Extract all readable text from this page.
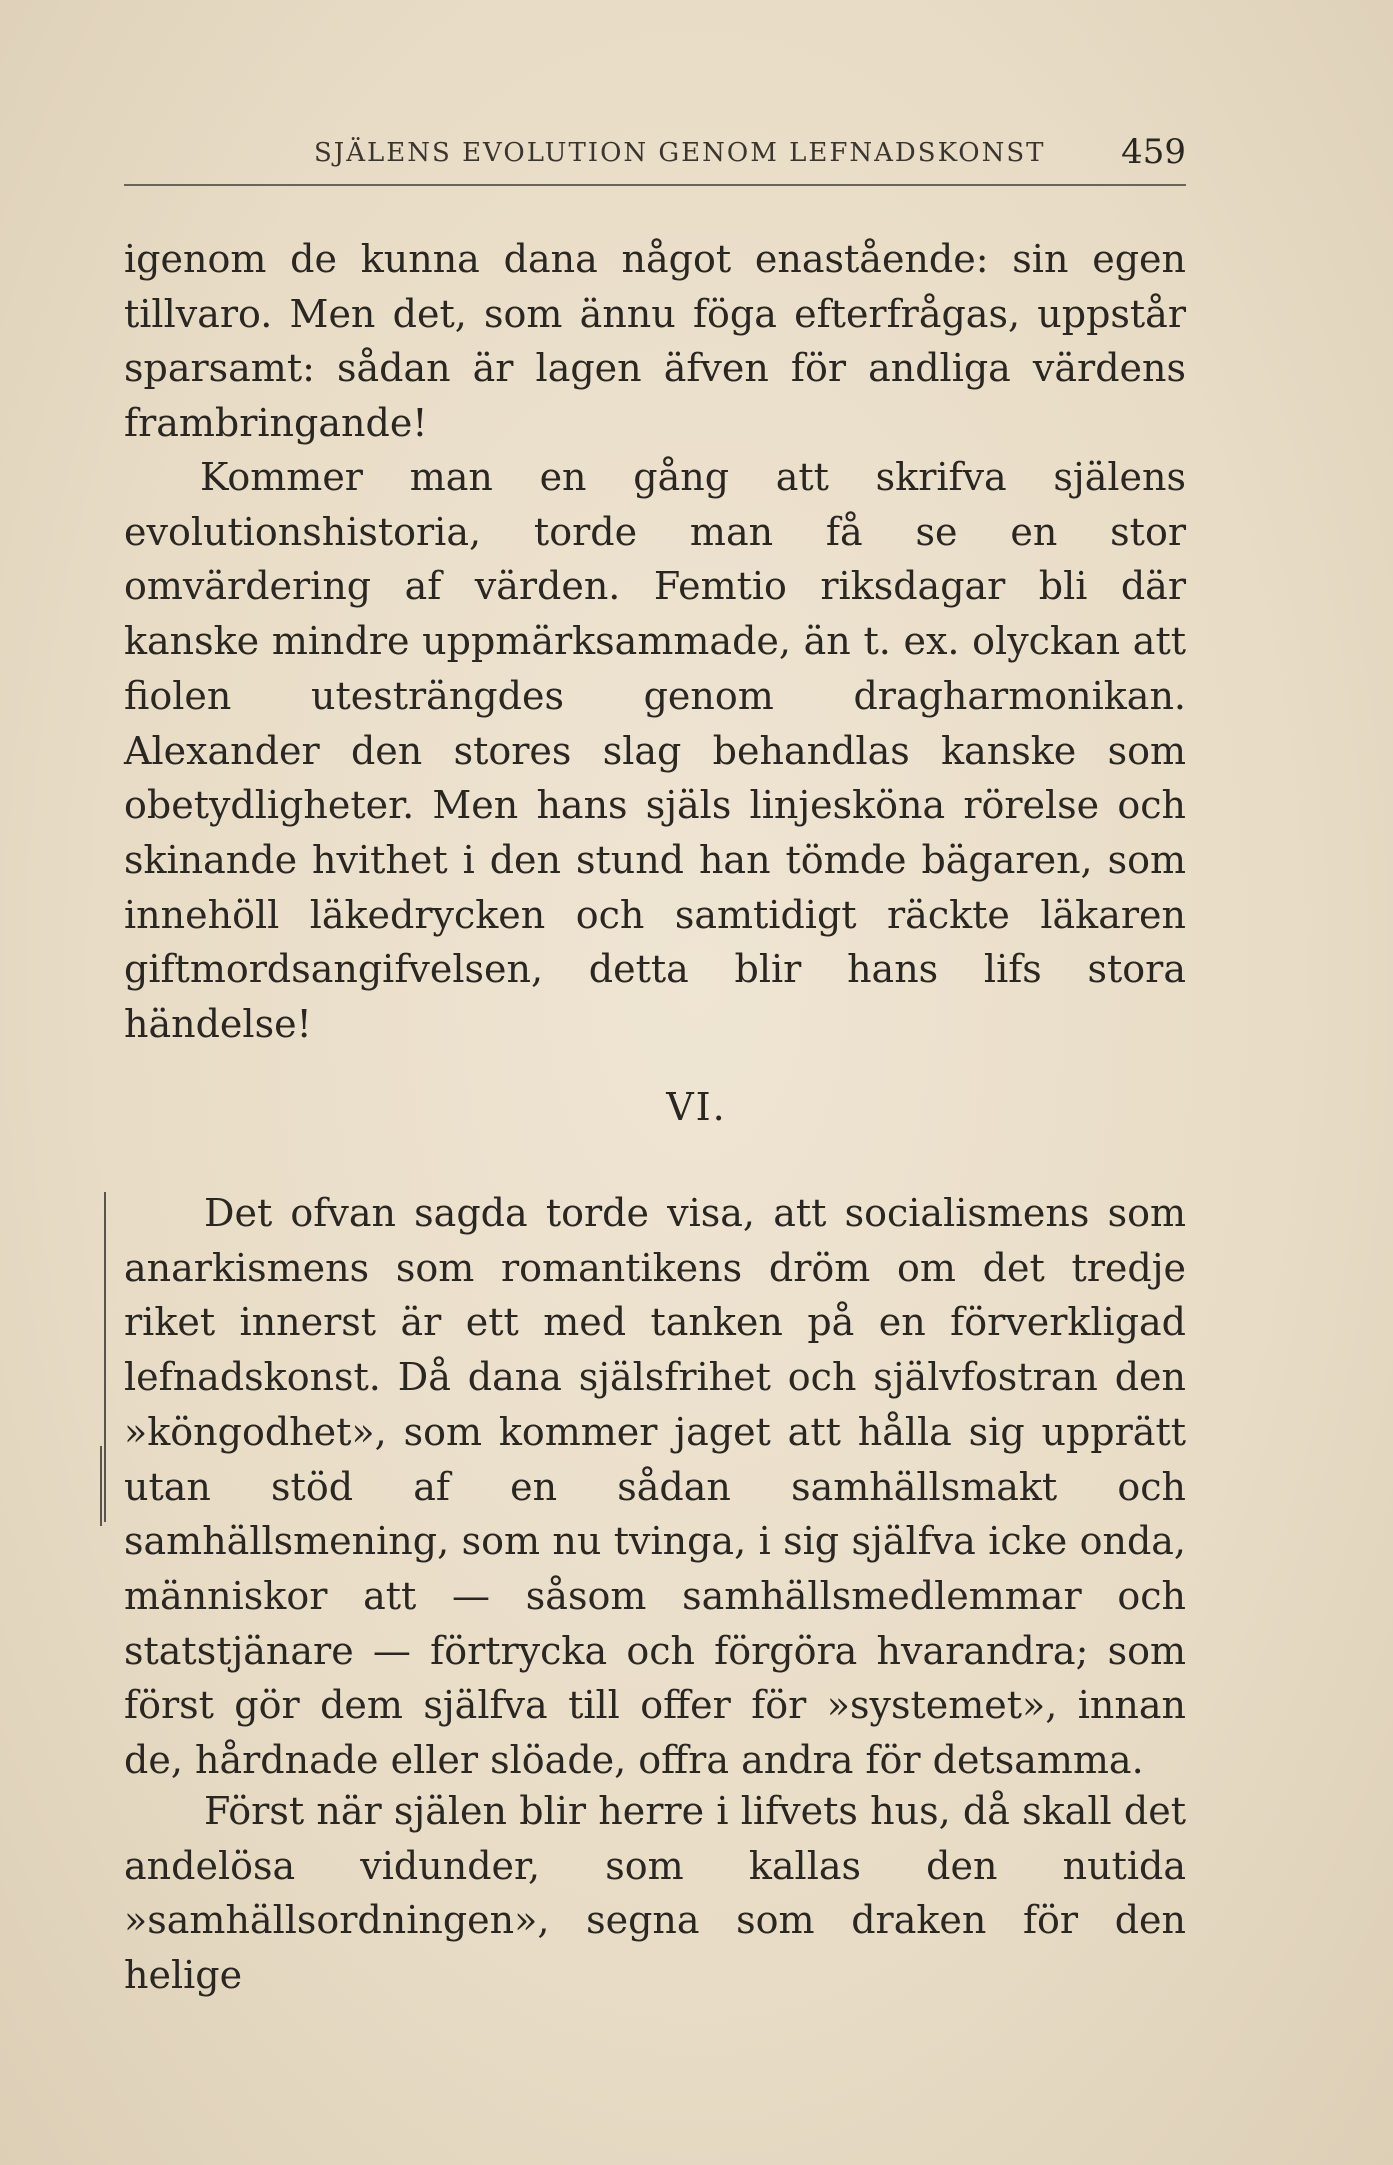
SJÄLENS EVOLUTION GENOM LEFNADSKONST 459

igenom de kunna dana något enastående: sin egen tillvaro. Men det, som ännu föga efterfrågas, uppstår sparsamt: sådan är lagen äfven för andliga värdens frambringande!

Kommer man en gång att skrifva själens evolutionshistoria, torde man få se en stor omvärdering af värden. Femtio riksdagar bli där kanske mindre uppmärksammade, än t. ex. olyckan att fiolen utesträngdes genom dragharmonikan. Alexander den stores slag behandlas kanske som obetydligheter. Men hans själs linjesköna rörelse och skinande hvithet i den stund han tömde bägaren, som innehöll läkedrycken och samtidigt räckte läkaren giftmordsangifvelsen, detta blir hans lifs stora händelse!

VI.

Det ofvan sagda torde visa, att socialismens som anarkismens som romantikens dröm om det tredje riket innerst är ett med tanken på en förverkligad lefnadskonst. Då dana själsfrihet och självfostran den »köngodhet», som kommer jaget att hålla sig upprätt utan stöd af en sådan samhällsmakt och samhällsmening, som nu tvinga, i sig själfva icke onda, människor att — såsom samhällsmedlemmar och statstjänare — förtrycka och förgöra hvarandra; som först gör dem själfva till offer för »systemet», innan de, hårdnade eller slöade, offra andra för detsamma.

Först när själen blir herre i lifvets hus, då skall det andelösa vidunder, som kallas den nutida »samhällsordningen», segna som draken för den helige
